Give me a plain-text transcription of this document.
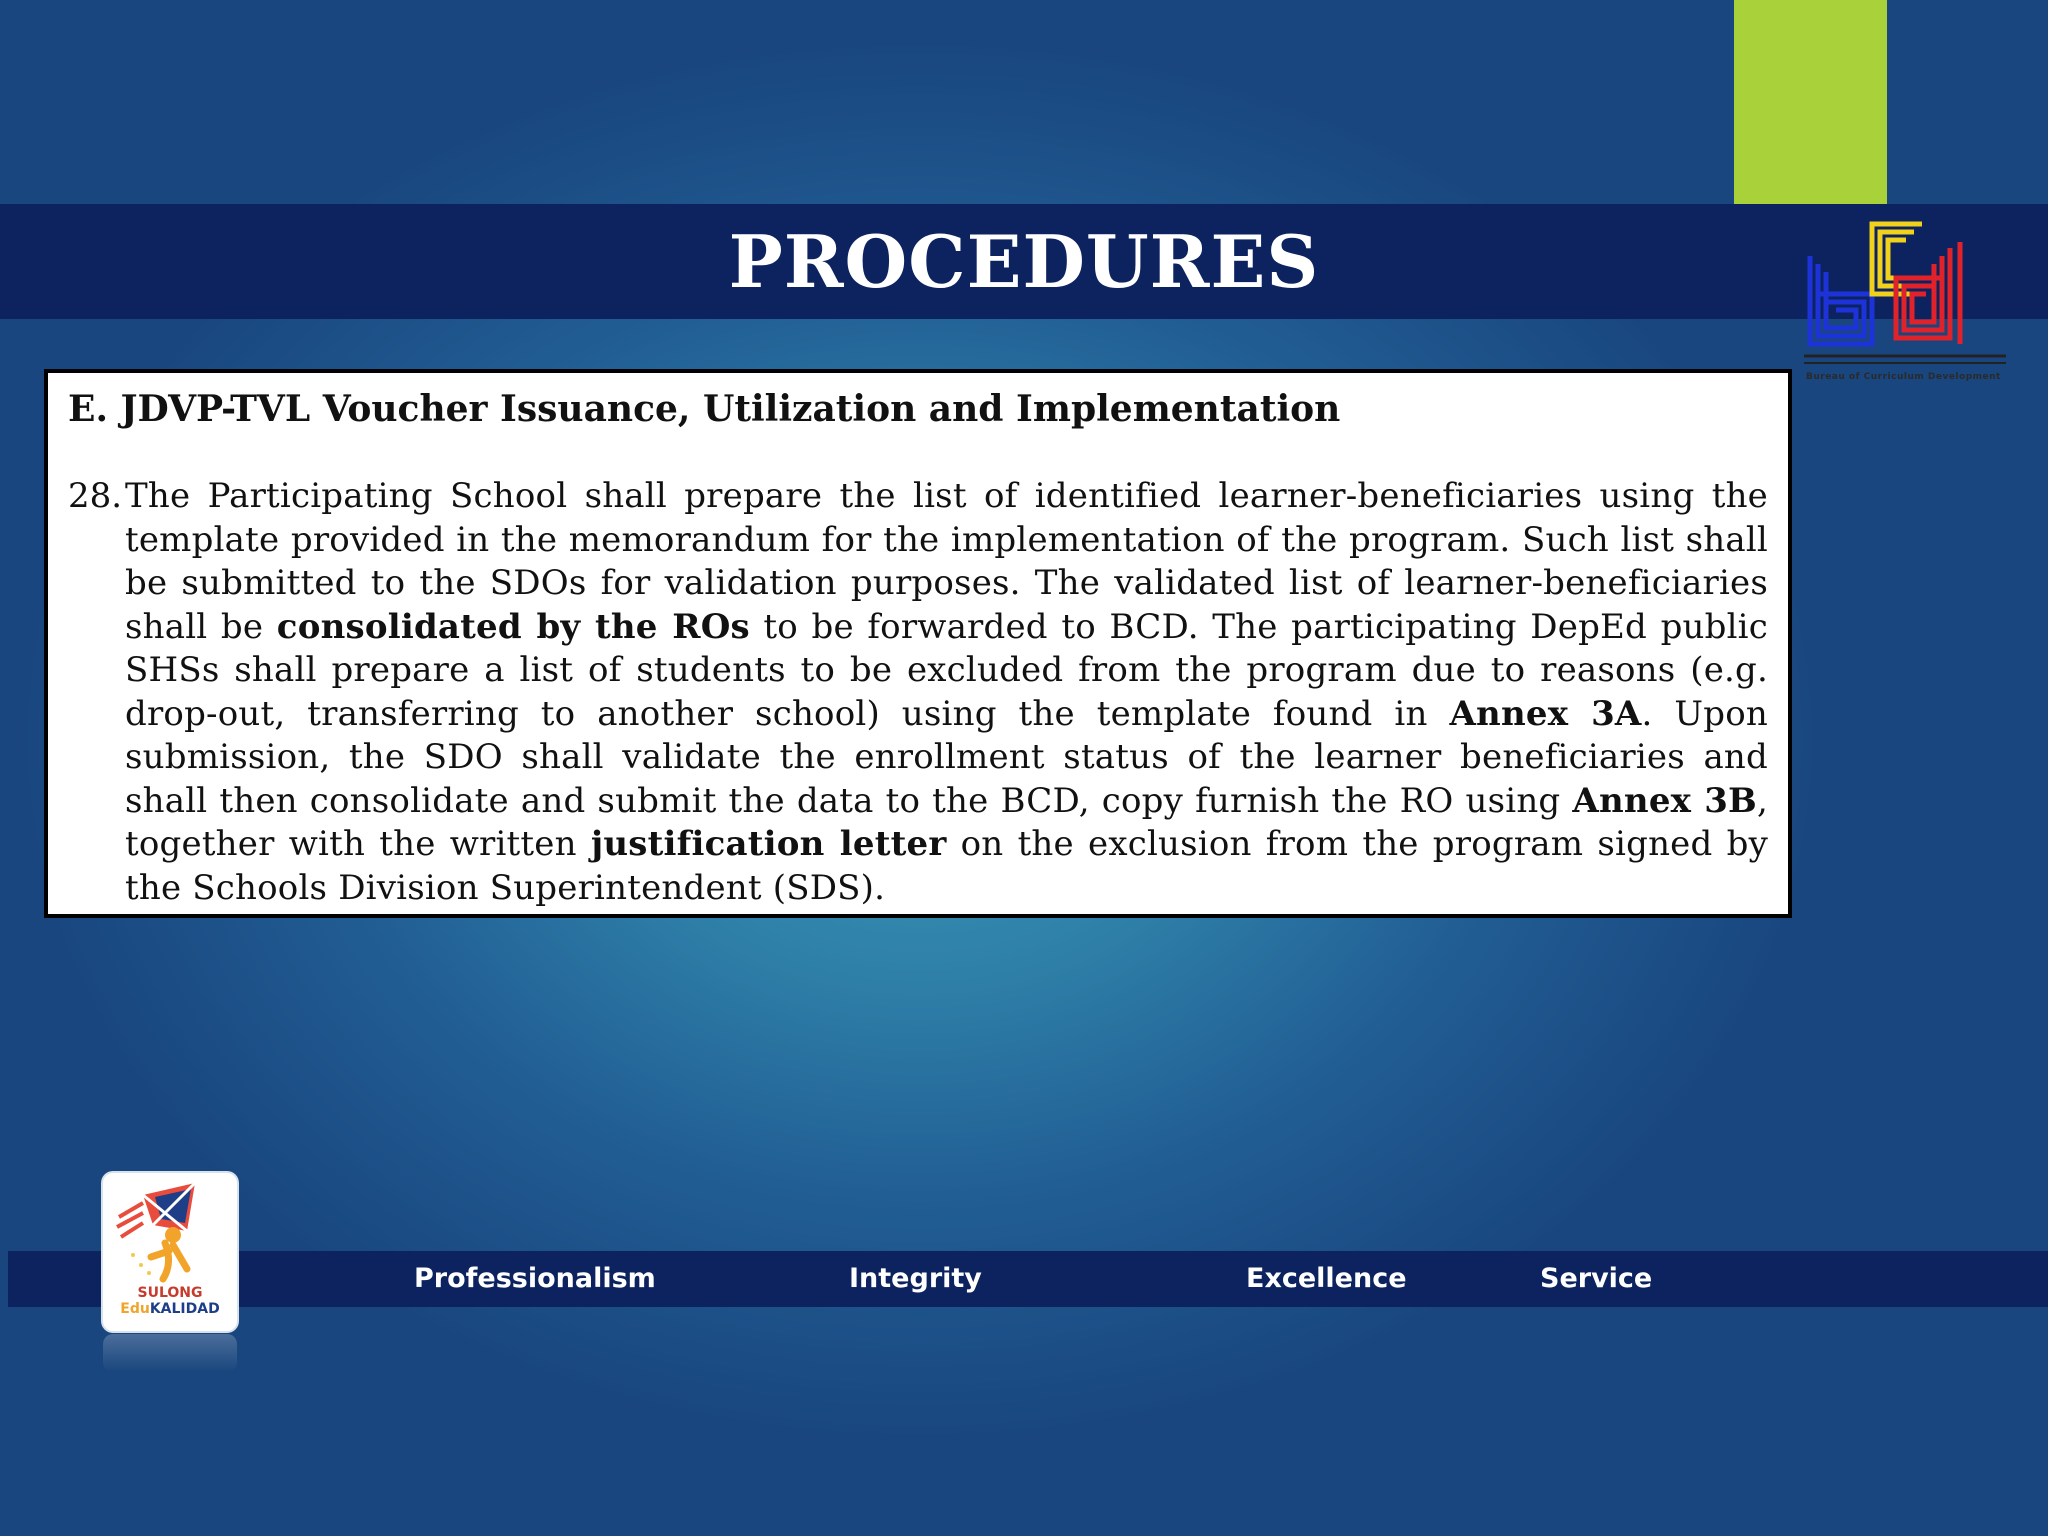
PROCEDURES
Bureau of Curriculum Development
E. JDVP-TVL Voucher Issuance, Utilization and Implementation
28. The Participating School shall prepare the list of identified learner-beneficiaries using the template provided in the memorandum for the implementation of the program. Such list shall be submitted to the SDOs for validation purposes. The validated list of learner-beneficiaries shall be consolidated by the ROs to be forwarded to BCD. The participating DepEd public SHSs shall prepare a list of students to be excluded from the program due to reasons (e.g. drop-out, transferring to another school) using the template found in Annex 3A. Upon submission, the SDO shall validate the enrollment status of the learner beneficiaries and shall then consolidate and submit the data to the BCD, copy furnish the RO using Annex 3B, together with the written justification letter on the exclusion from the program signed by the Schools Division Superintendent (SDS).
Professionalism	Integrity	Excellence	Service
SULONG
EduKALIDAD
